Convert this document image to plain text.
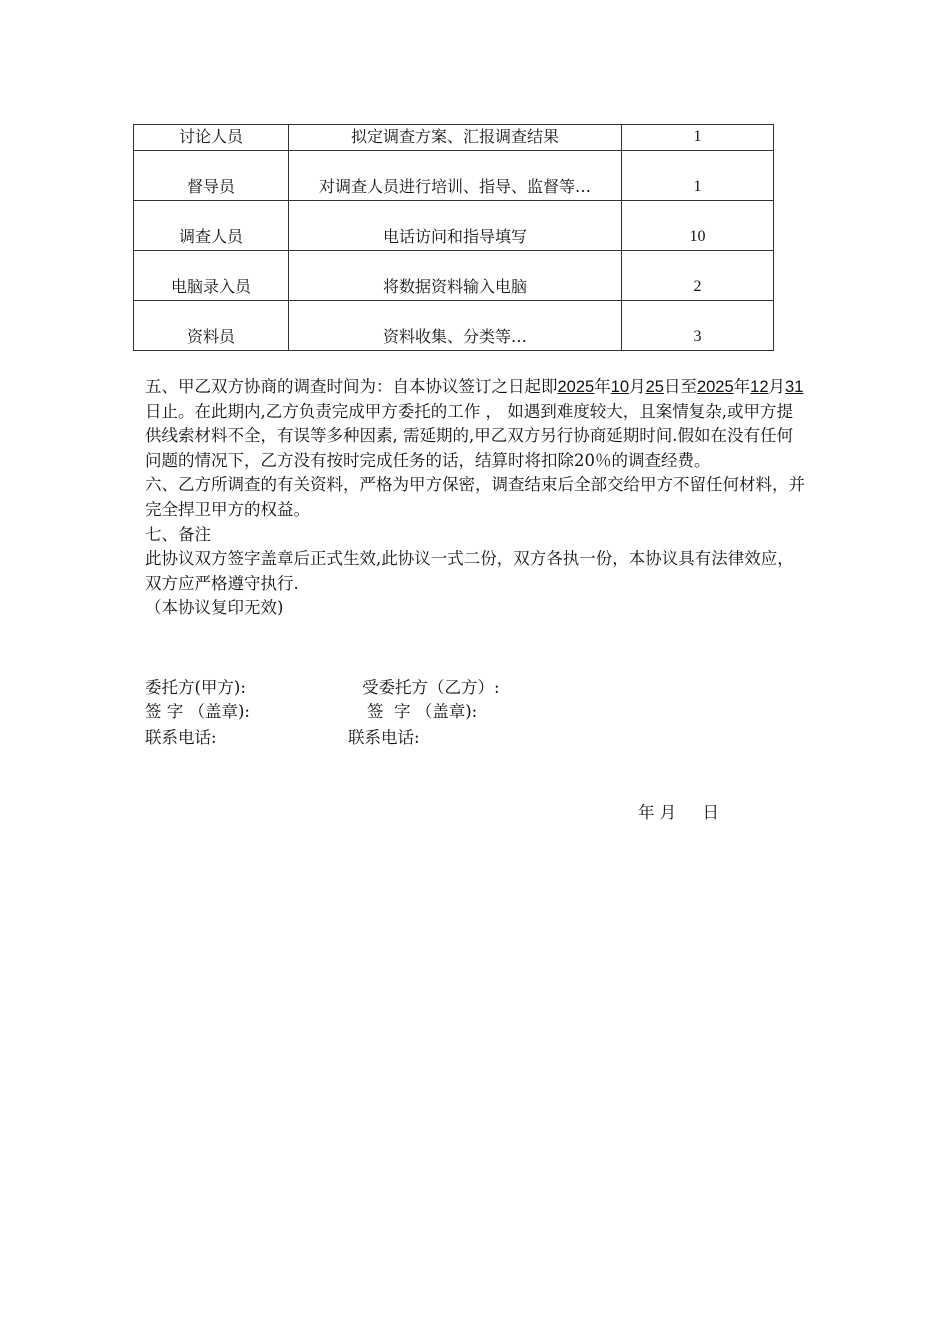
讨论人员	拟定调查方案、汇报调查结果	1
督导员	对调查人员进行培训、指导、监督等…	1
调查人员	电话访问和指导填写	10
电脑录入员	将数据资料输入电脑	2
资料员	资料收集、分类等…	3
五、甲乙双方协商的调查时间为：自本协议签订之日起即2025年10月25日至2025年12月31日止。在此期内,乙方负责完成甲方委托的工作 ， 如遇到难度较大，且案情复杂,或甲方提供线索材料不全，有误等多种因素, 需延期的,甲乙双方另行协商延期时间.假如在没有任何问题的情况下，乙方没有按时完成任务的话，结算时将扣除20％的调查经费。
六、乙方所调查的有关资料，严格为甲方保密，调查结束后全部交给甲方不留任何材料，并完全捍卫甲方的权益。
七、备注
此协议双方签字盖章后正式生效,此协议一式二份，双方各执一份，本协议具有法律效应，双方应严格遵守执行.
（本协议复印无效)
委托方(甲方):	受委托方（乙方）:
签 字 （盖章):	签  字 （盖章):
联系电话:	联系电话:
年 月     日
